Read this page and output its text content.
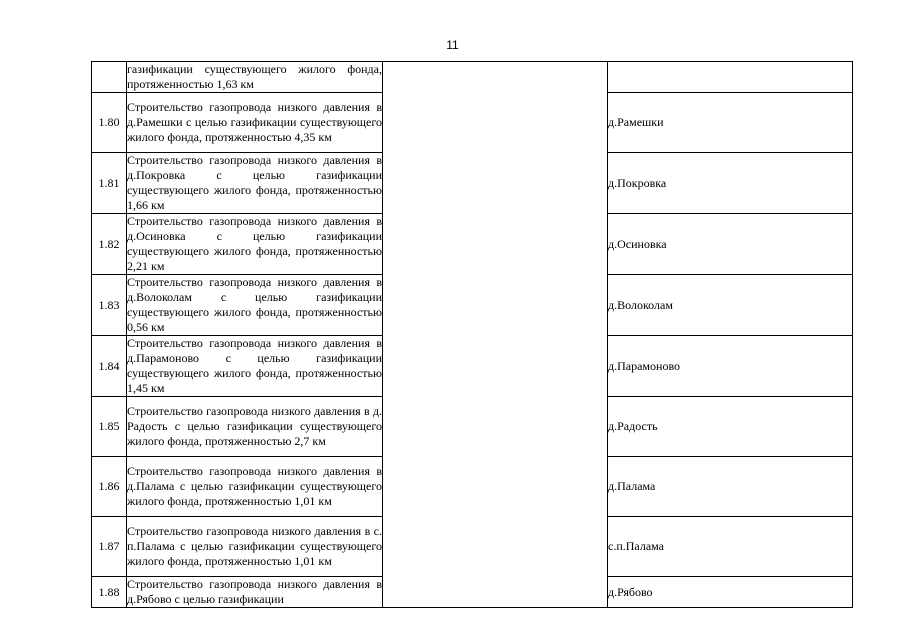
11

	газификации существующего жилого фонда, протяженностью 1,63 км		

1.80	Строительство газопровода низкого давления в д.Рамешки с целью газификации существующего жилого фонда, протяженностью 4,35 км		д.Рамешки
1.81	Строительство газопровода низкого давления в д.Покровка с целью газификации существующего жилого фонда, протяженностью 1,66 км		д.Покровка
1.82	Строительство газопровода низкого давления в д.Осиновка с целью газификации существующего жилого фонда, протяженностью 2,21 км		д.Осиновка
1.83	Строительство газопровода низкого давления в д.Волоколам с целью газификации существующего жилого фонда, протяженностью 0,56 км		д.Волоколам
1.84	Строительство газопровода низкого давления в д.Парамоново с целью газификации существующего жилого фонда, протяженностью 1,45 км		д.Парамоново
1.85	Строительство газопровода низкого давления в д. Радость с целью газификации существующего жилого фонда, протяженностью 2,7 км		д.Радость
1.86	Строительство газопровода низкого давления в д.Палама с целью газификации существующего жилого фонда, протяженностью 1,01 км		д.Палама
1.87	Строительство газопровода низкого давления в с. п.Палама с целью газификации существующего жилого фонда, протяженностью 1,01 км		с.п.Палама
1.88	Строительство газопровода низкого давления в д.Рябово с целью газификации		д.Рябово
